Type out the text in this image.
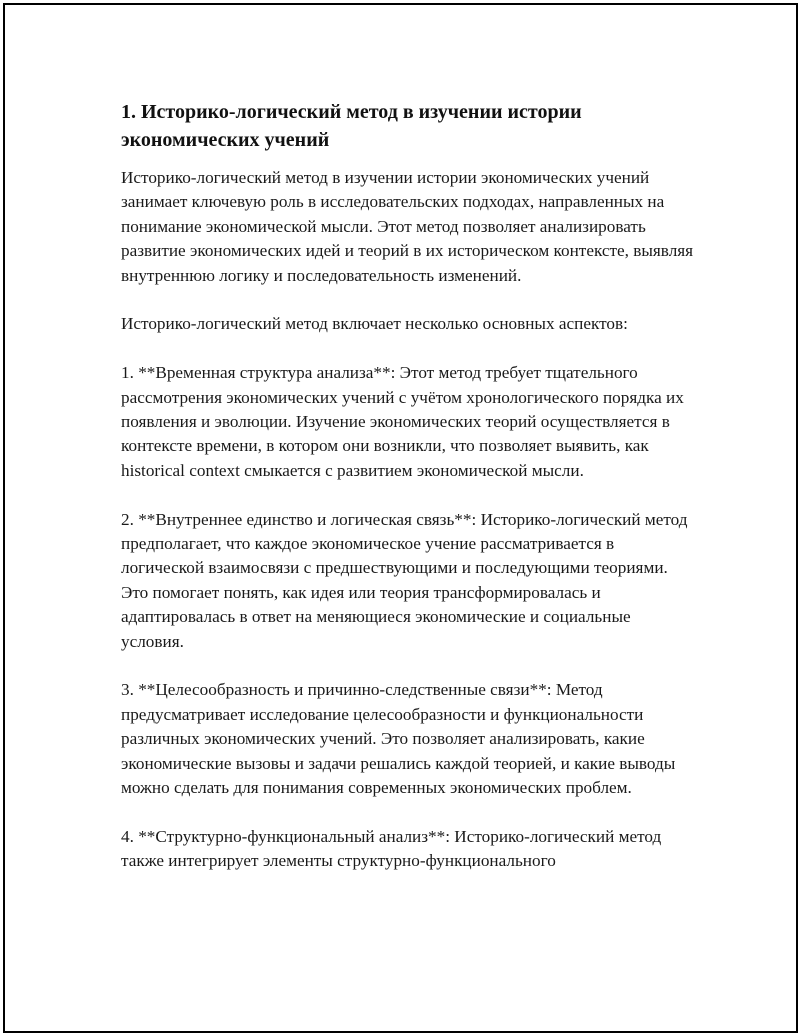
1. Историко-логический метод в изучении истории экономических учений

Историко-логический метод в изучении истории экономических учений занимает ключевую роль в исследовательских подходах, направленных на понимание экономической мысли. Этот метод позволяет анализировать развитие экономических идей и теорий в их историческом контексте, выявляя внутреннюю логику и последовательность изменений.

Историко-логический метод включает несколько основных аспектов:

1. **Временная структура анализа**: Этот метод требует тщательного рассмотрения экономических учений с учётом хронологического порядка их появления и эволюции. Изучение экономических теорий осуществляется в контексте времени, в котором они возникли, что позволяет выявить, как historical context смыкается с развитием экономической мысли.

2. **Внутреннее единство и логическая связь**: Историко-логический метод предполагает, что каждое экономическое учение рассматривается в логической взаимосвязи с предшествующими и последующими теориями. Это помогает понять, как идея или теория трансформировалась и адаптировалась в ответ на меняющиеся экономические и социальные условия.

3. **Целесообразность и причинно-следственные связи**: Метод предусматривает исследование целесообразности и функциональности различных экономических учений. Это позволяет анализировать, какие экономические вызовы и задачи решались каждой теорией, и какие выводы можно сделать для понимания современных экономических проблем.

4. **Структурно-функциональный анализ**: Историко-логический метод также интегрирует элементы структурно-функционального
